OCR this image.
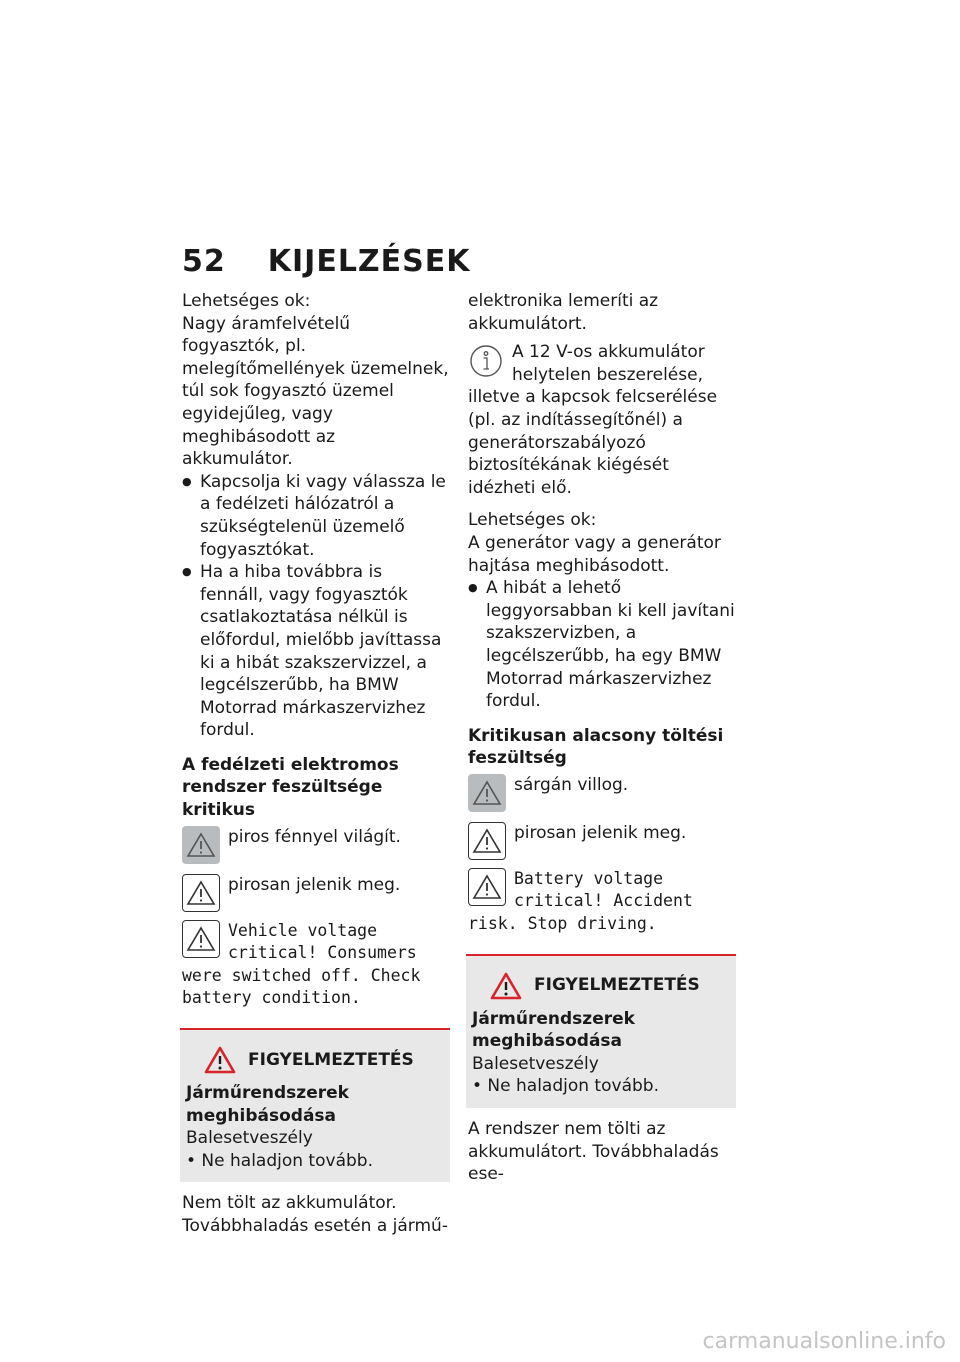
52 KIJELZÉSEK

Lehetséges ok:

Nagy áramfelvételű fogyasztók, pl. melegítőmellények üzemelnek, túl sok fogyasztó üzemel egyidejűleg, vagy meghibásodott az akkumulátor.

● Kapcsolja ki vagy válassza le a fedélzeti hálózatról a szükségtelenül üzemelő fogyasztókat.

● Ha a hiba továbbra is fennáll, vagy fogyasztók csatlakoztatása nélkül is előfordul, mielőbb javíttassa ki a hibát szakszervizzel, a legcélszerűbb, ha BMW Motorrad márkaszervizhez fordul.

A fedélzeti elektromos rendszer feszültsége kritikus

piros fénnyel világít.
pirosan jelenik meg.
Vehicle voltage critical! Consumers were switched off. Check battery condition.
FIGYELMEZTETÉS

Járműrendszerek meghibásodása

Balesetveszély

• Ne haladjon tovább.

Nem tölt az akkumulátor. Továbbhaladás esetén a jármű-

elektronika lemeríti az akkumulátort.

A 12 V-os akkumulátor helytelen beszerelése, illetve a kapcsok felcserélése (pl. az indítássegítőnél) a generátorszabályozó biztosítékának kiégését idézheti elő.

Lehetséges ok:

A generátor vagy a generátor hajtása meghibásodott.

● A hibát a lehető leggyorsabban ki kell javítani szakszervizben, a legcélszerűbb, ha egy BMW Motorrad márkaszervizhez fordul.

Kritikusan alacsony töltési feszültség

sárgán villog.
pirosan jelenik meg.
Battery voltage critical! Accident risk. Stop driving.
FIGYELMEZTETÉS

Járműrendszerek meghibásodása

Balesetveszély

• Ne haladjon tovább.

A rendszer nem tölti az akkumulátort. Továbbhaladás ese-

carmanualsonline.info
